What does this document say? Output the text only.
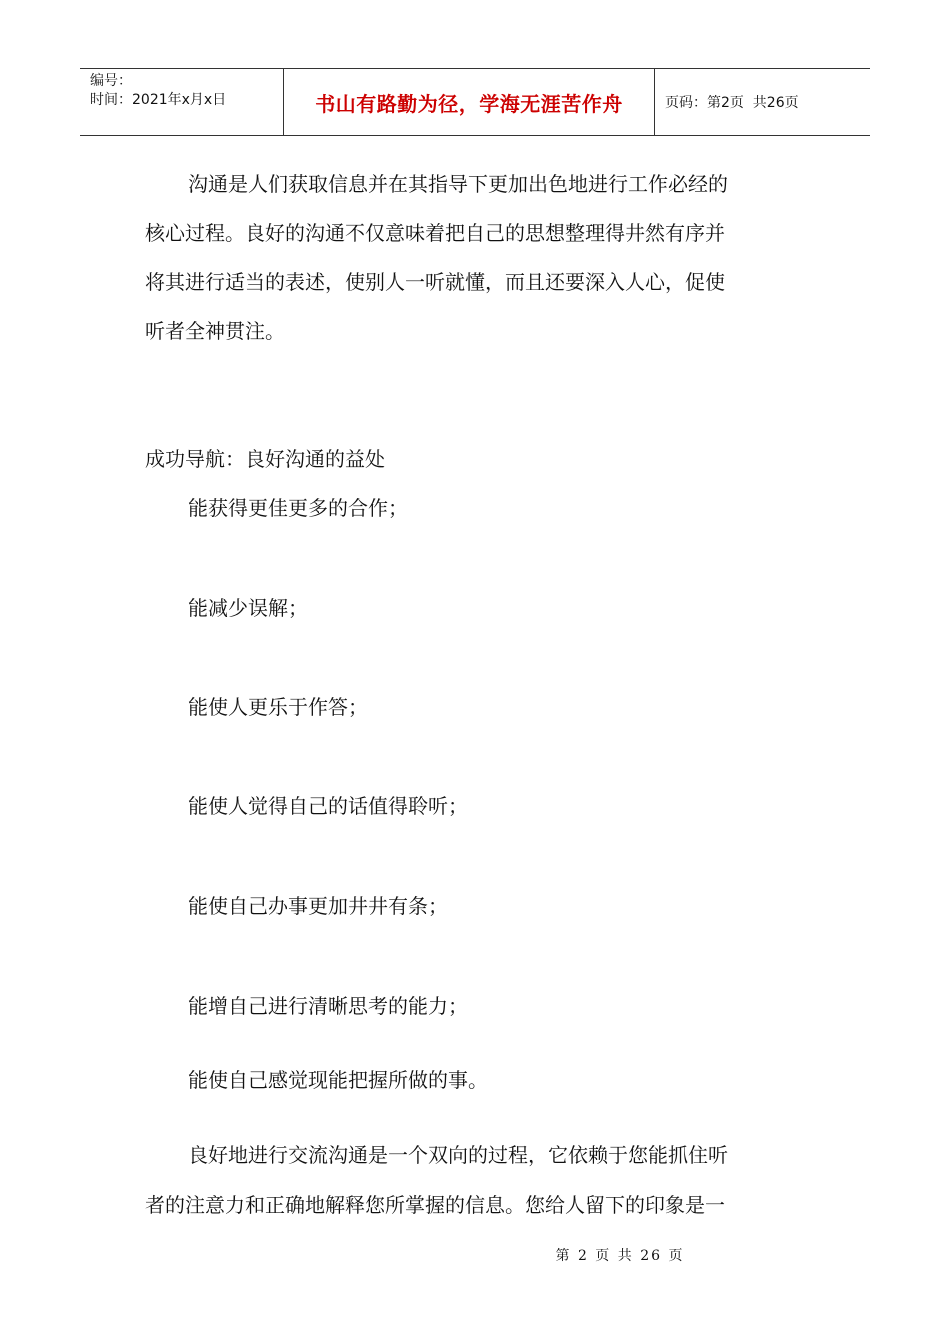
编号：
时间：2021年x月x日	书山有路勤为径，学海无涯苦作舟	页码：第2页  共26页
沟通是人们获取信息并在其指导下更加出色地进行工作必经的
核心过程。良好的沟通不仅意味着把自己的思想整理得井然有序并
将其进行适当的表述，使别人一听就懂，而且还要深入人心，促使
听者全神贯注。
成功导航：良好沟通的益处
能获得更佳更多的合作；
能减少误解；
能使人更乐于作答；
能使人觉得自己的话值得聆听；
能使自己办事更加井井有条；
能增自己进行清晰思考的能力；
能使自己感觉现能把握所做的事。
良好地进行交流沟通是一个双向的过程，它依赖于您能抓住听
者的注意力和正确地解释您所掌握的信息。您给人留下的印象是一
第 2 页 共 26 页
